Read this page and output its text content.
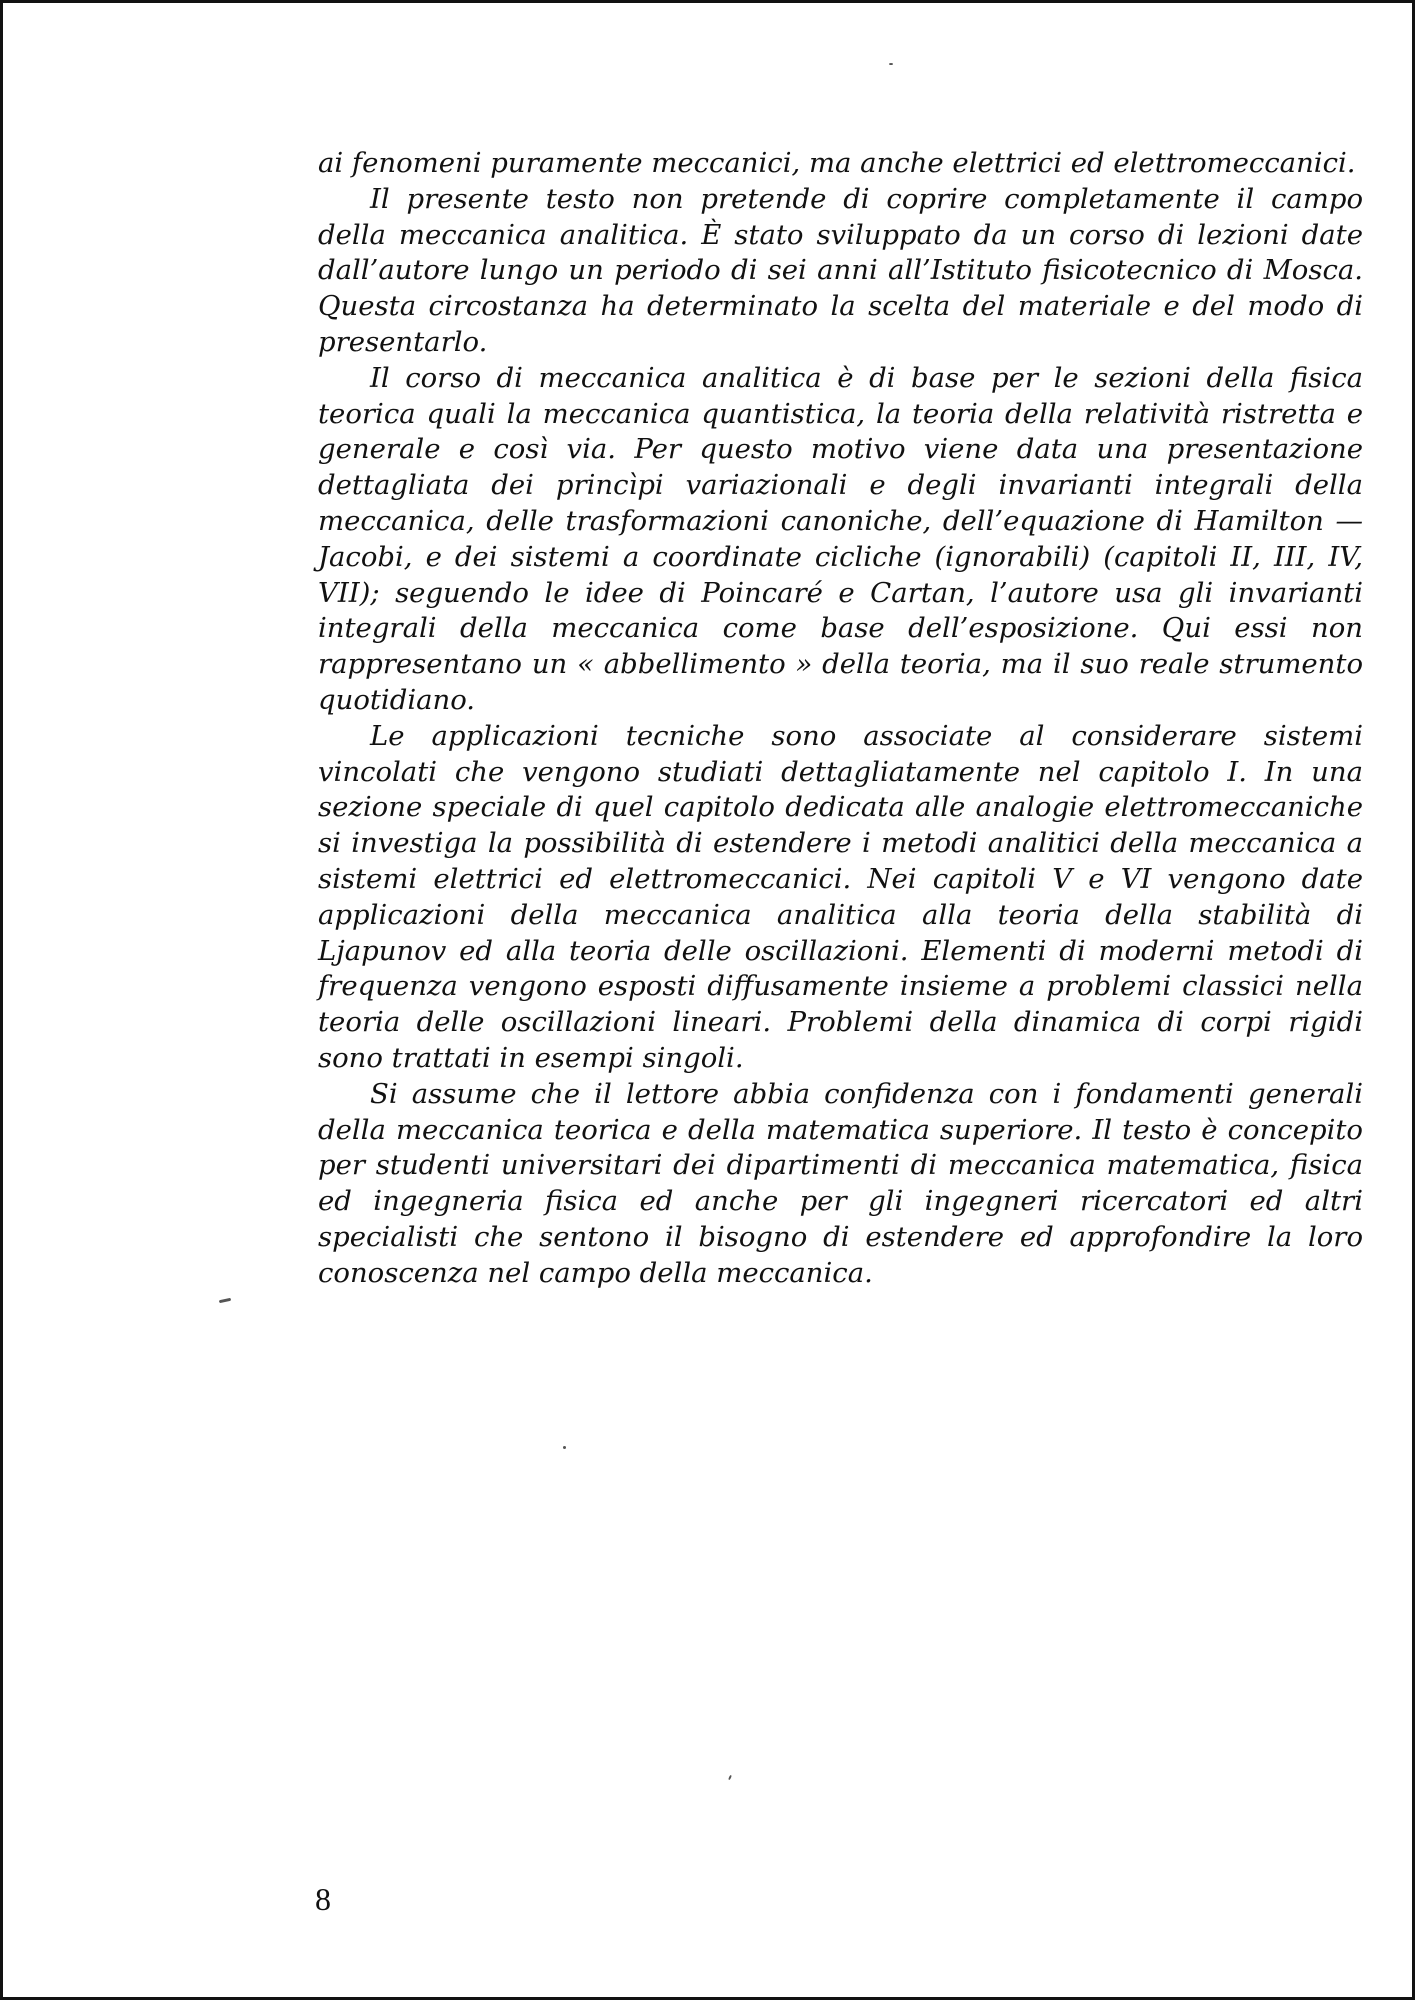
ai fenomeni puramente meccanici, ma anche elettrici ed elettromeccanici.

Il presente testo non pretende di coprire completamente il campo della meccanica analitica. È stato sviluppato da un corso di lezioni date dall’autore lungo un periodo di sei anni all’Istituto fisicotecnico di Mosca. Questa circostanza ha determinato la scelta del materiale e del modo di presentarlo.

Il corso di meccanica analitica è di base per le sezioni della fisica teorica quali la meccanica quantistica, la teoria della relatività ristretta e generale e così via. Per questo motivo viene data una presentazione dettagliata dei princìpi variazionali e degli invarianti integrali della meccanica, delle trasformazioni canoniche, dell’equazione di Hamilton — Jacobi, e dei sistemi a coordinate cicliche (ignorabili) (capitoli II, III, IV, VII); seguendo le idee di Poincaré e Cartan, l’autore usa gli invarianti integrali della meccanica come base dell’esposizione. Qui essi non rappresentano un « abbellimento » della teoria, ma il suo reale strumento quotidiano.

Le applicazioni tecniche sono associate al considerare sistemi vincolati che vengono studiati dettagliatamente nel capitolo I. In una sezione speciale di quel capitolo dedicata alle analogie elettromeccaniche si investiga la possibilità di estendere i metodi analitici della meccanica a sistemi elettrici ed elettromeccanici. Nei capitoli V e VI vengono date applicazioni della meccanica analitica alla teoria della stabilità di Ljapunov ed alla teoria delle oscillazioni. Elementi di moderni metodi di frequenza vengono esposti diffusamente insieme a problemi classici nella teoria delle oscillazioni lineari. Problemi della dinamica di corpi rigidi sono trattati in esempi singoli.

Si assume che il lettore abbia confidenza con i fondamenti generali della meccanica teorica e della matematica superiore. Il testo è concepito per studenti universitari dei dipartimenti di meccanica matematica, fisica ed ingegneria fisica ed anche per gli ingegneri ricercatori ed altri specialisti che sentono il bisogno di estendere ed approfondire la loro conoscenza nel campo della meccanica.

8
